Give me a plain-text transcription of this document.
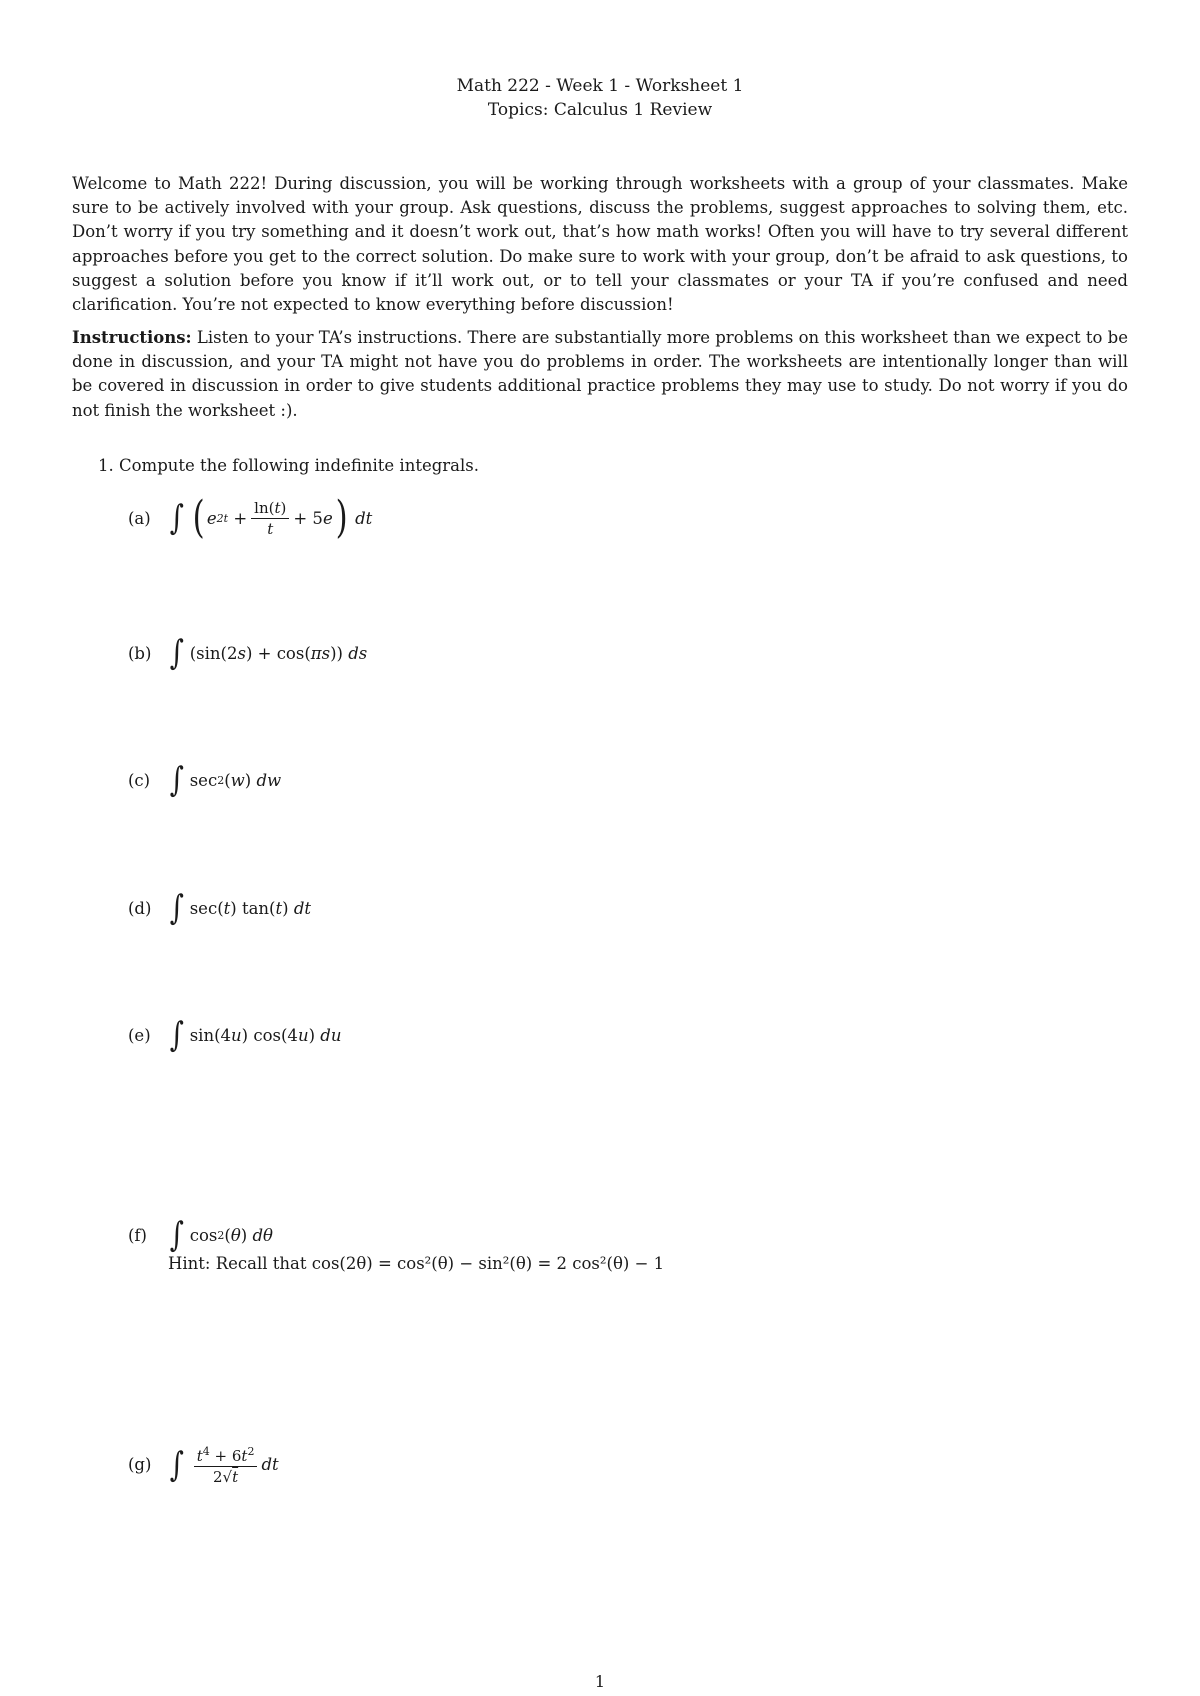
Math 222 - Week 1 - Worksheet 1
Topics: Calculus 1 Review
Welcome to Math 222! During discussion, you will be working through worksheets with a group of your classmates. Make sure to be actively involved with your group. Ask questions, discuss the problems, suggest approaches to solving them, etc. Don’t worry if you try something and it doesn’t work out, that’s how math works! Often you will have to try several different approaches before you get to the correct solution. Do make sure to work with your group, don’t be afraid to ask questions, to suggest a solution before you know if it’ll work out, or to tell your classmates or your TA if you’re confused and need clarification. You’re not expected to know everything before discussion!
Instructions: Listen to your TA’s instructions. There are substantially more problems on this worksheet than we expect to be done in discussion, and your TA might not have you do problems in order. The worksheets are intentionally longer than will be covered in discussion in order to give students additional practice problems they may use to study. Do not worry if you do not finish the worksheet :).
1. Compute the following indefinite integrals.
(a) ∫ ( e $2t + \frac{\ln(t)}{t} + 5$ e )
dt
(b) ∫ (sin(2 s ) + cos( πs )) ds
(c) ∫ sec 2 ( w ) dw
(d) ∫ sec( t ) tan( t ) dt
(e) ∫ sin(4 u ) cos(4 u ) du
(f) ∫ cos 2 ( θ ) dθ
Hint: Recall that cos(2θ) = cos²(θ) − sin²(θ) = 2 cos²(θ) − 1
(g) ∫ $\frac{t^4 + 6t^2}{2√t}$ dt
1
